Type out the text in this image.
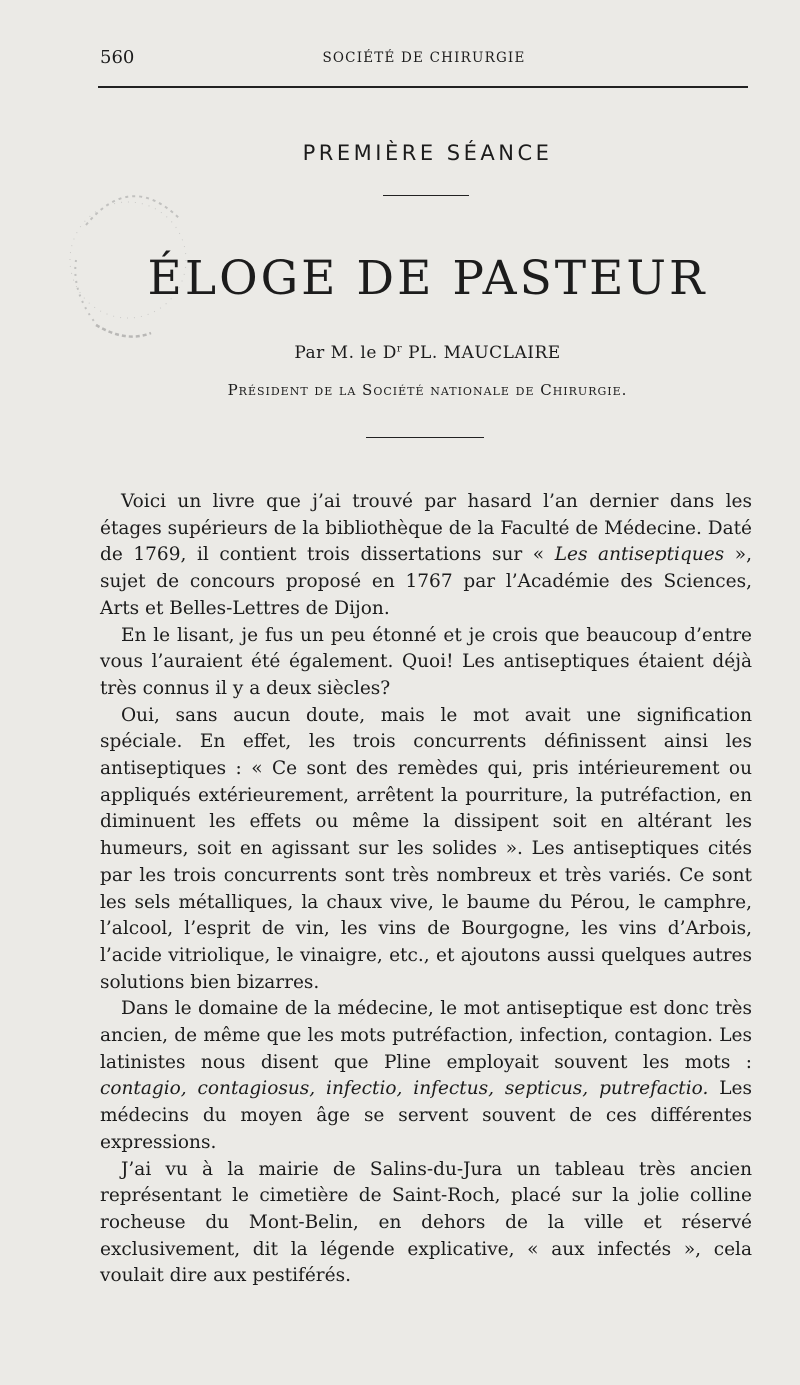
560	SOCIÉTÉ DE CHIRURGIE
PREMIÈRE SÉANCE
ÉLOGE DE PASTEUR
Par M. le $D^r$ PL. MAUCLAIRE
Président de la Société nationale de Chirurgie.

Voici un livre que j’ai trouvé par hasard l’an dernier dans les étages supérieurs de la bibliothèque de la Faculté de Médecine. Daté de 1769, il contient trois dissertations sur « Les antiseptiques », sujet de concours proposé en 1767 par l’Académie des Sciences, Arts et Belles-Lettres de Dijon.

En le lisant, je fus un peu étonné et je crois que beaucoup d’entre vous l’auraient été également. Quoi! Les antiseptiques étaient déjà très connus il y a deux siècles?

Oui, sans aucun doute, mais le mot avait une signification spéciale. En effet, les trois concurrents définissent ainsi les antiseptiques : « Ce sont des remèdes qui, pris intérieurement ou appliqués extérieurement, arrêtent la pourriture, la putréfaction, en diminuent les effets ou même la dissipent soit en altérant les humeurs, soit en agissant sur les solides ». Les antiseptiques cités par les trois concurrents sont très nombreux et très variés. Ce sont les sels métalliques, la chaux vive, le baume du Pérou, le camphre, l’alcool, l’esprit de vin, les vins de Bourgogne, les vins d’Arbois, l’acide vitriolique, le vinaigre, etc., et ajoutons aussi quelques autres solutions bien bizarres.

Dans le domaine de la médecine, le mot antiseptique est donc très ancien, de même que les mots putréfaction, infection, contagion. Les latinistes nous disent que Pline employait souvent les mots : contagio, contagiosus, infectio, infectus, septicus, putrefactio. Les médecins du moyen âge se servent souvent de ces différentes expressions.

J’ai vu à la mairie de Salins-du-Jura un tableau très ancien représentant le cimetière de Saint-Roch, placé sur la jolie colline rocheuse du Mont-Belin, en dehors de la ville et réservé exclusivement, dit la légende explicative, « aux infectés », cela voulait dire aux pestiférés.
